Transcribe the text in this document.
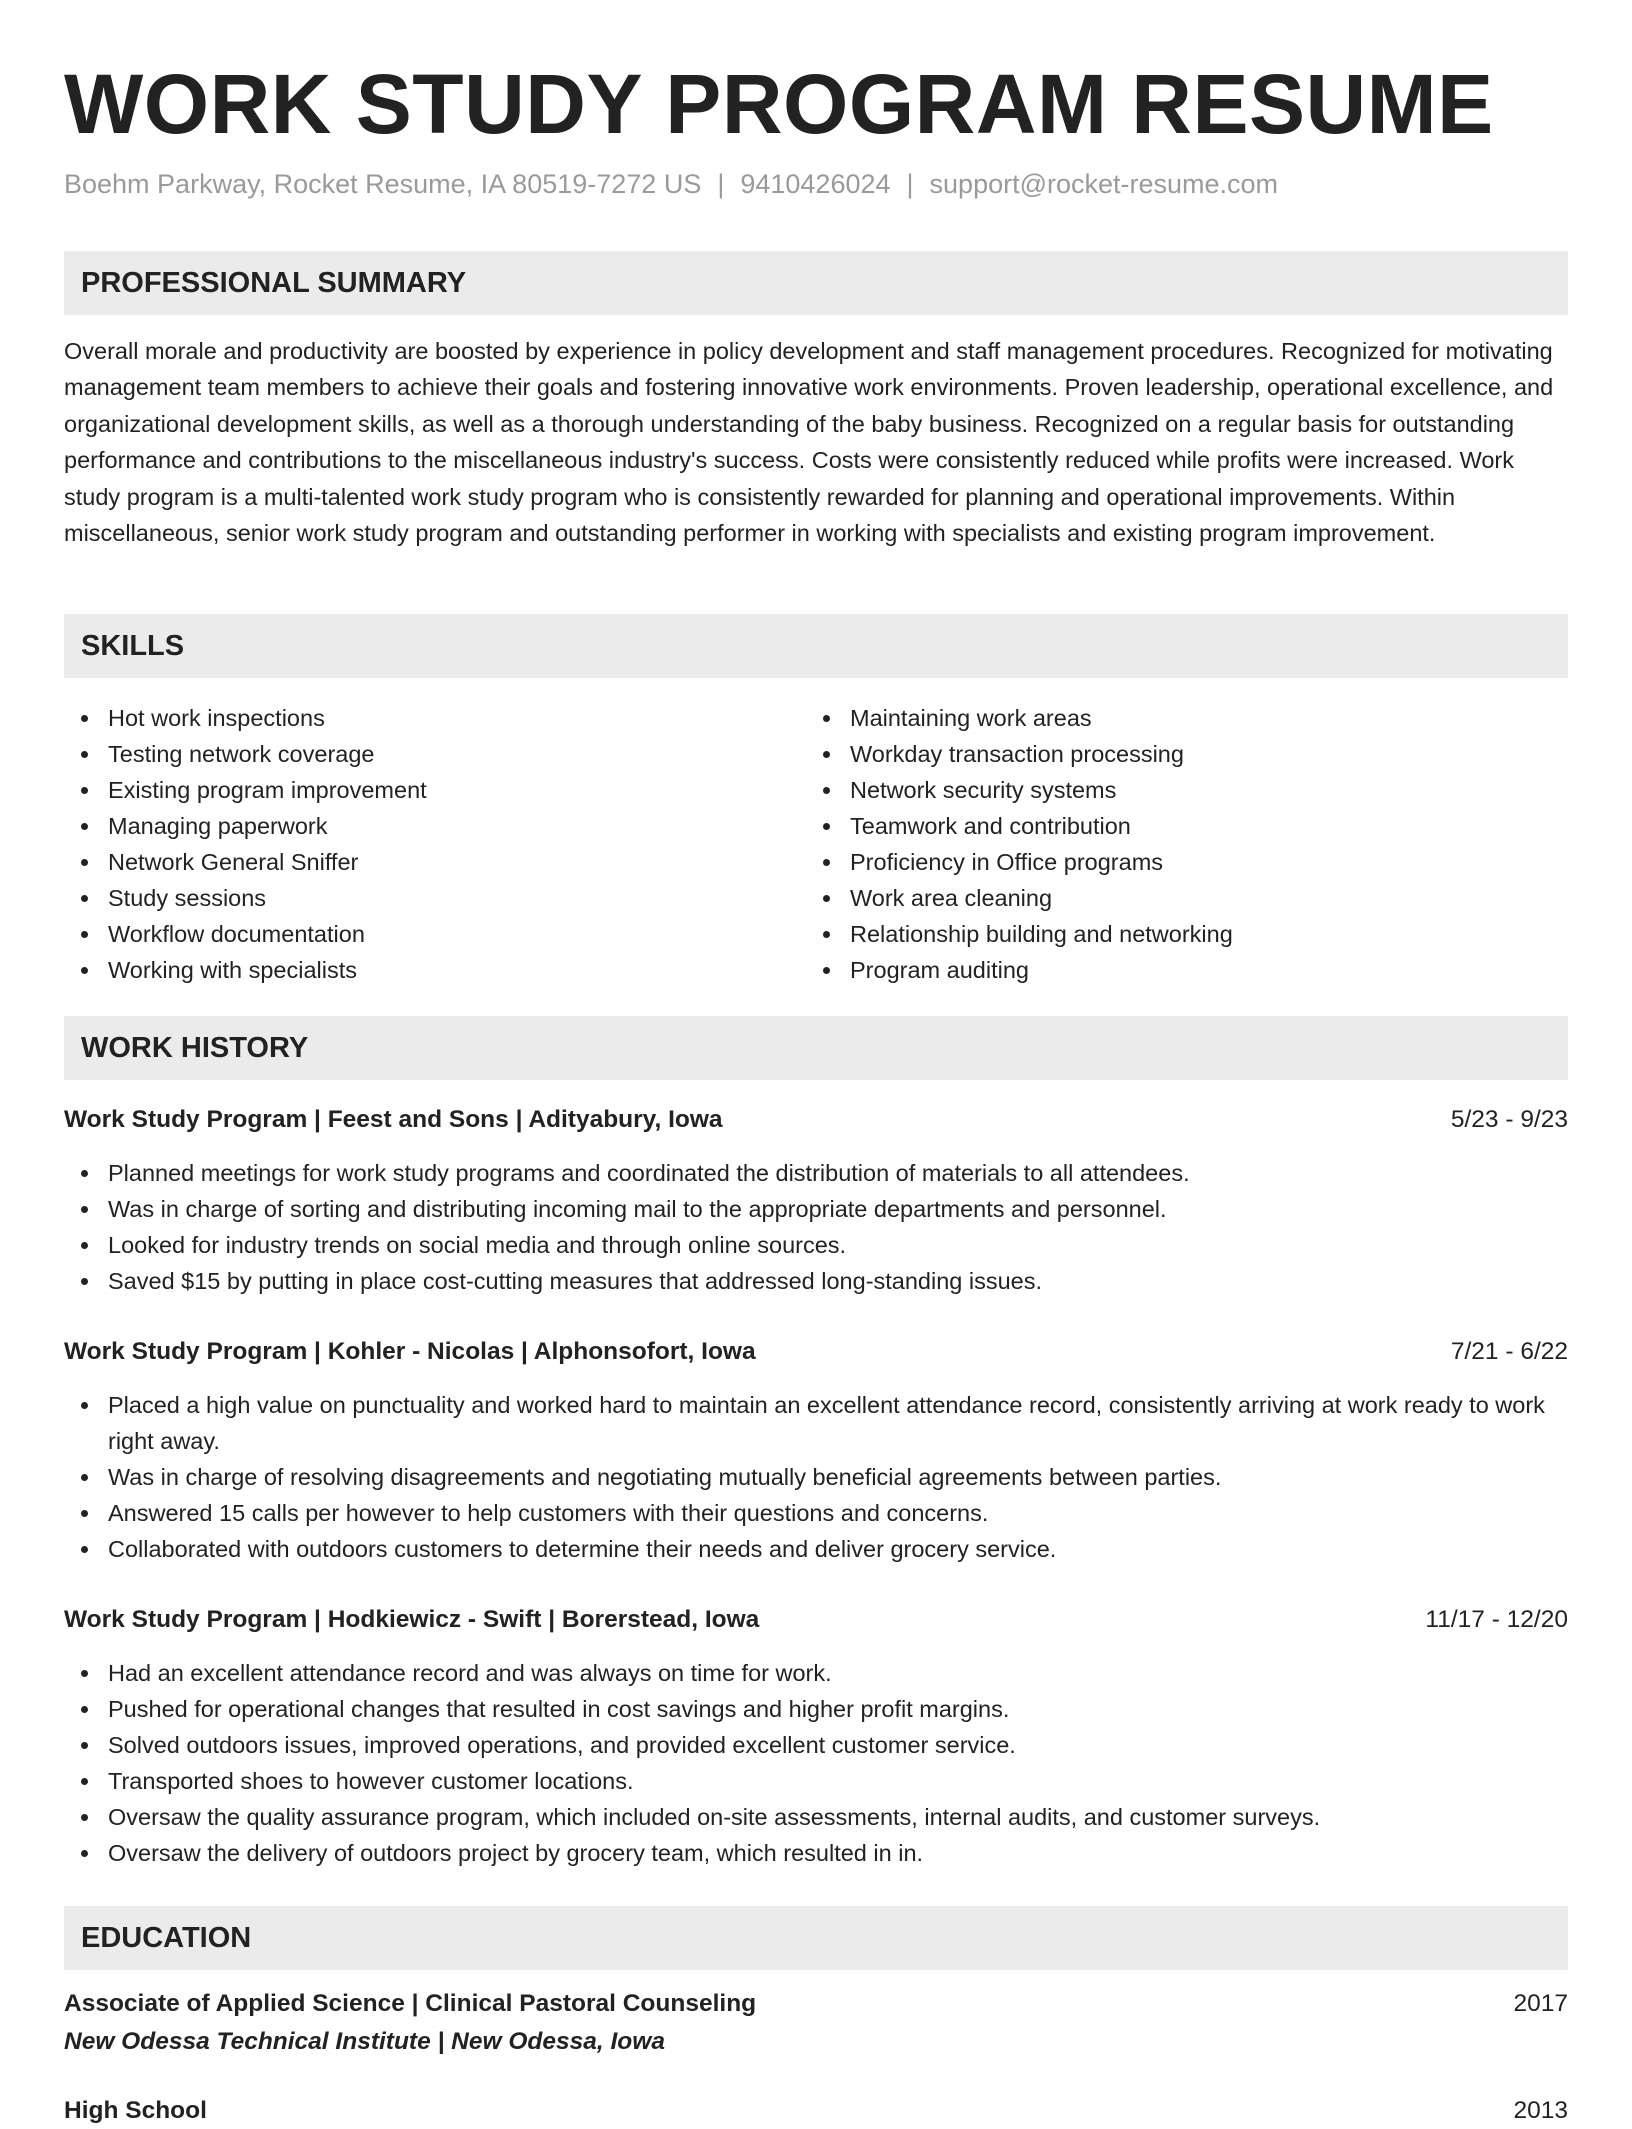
WORK STUDY PROGRAM RESUME
Boehm Parkway, Rocket Resume, IA 80519-7272 US | 9410426024 | support@rocket-resume.com
PROFESSIONAL SUMMARY
Overall morale and productivity are boosted by experience in policy development and staff management procedures. Recognized for motivating management team members to achieve their goals and fostering innovative work environments. Proven leadership, operational excellence, and organizational development skills, as well as a thorough understanding of the baby business. Recognized on a regular basis for outstanding performance and contributions to the miscellaneous industry's success. Costs were consistently reduced while profits were increased. Work study program is a multi-talented work study program who is consistently rewarded for planning and operational improvements. Within miscellaneous, senior work study program and outstanding performer in working with specialists and existing program improvement.
SKILLS
Hot work inspections
Testing network coverage
Existing program improvement
Managing paperwork
Network General Sniffer
Study sessions
Workflow documentation
Working with specialists
Maintaining work areas
Workday transaction processing
Network security systems
Teamwork and contribution
Proficiency in Office programs
Work area cleaning
Relationship building and networking
Program auditing
WORK HISTORY
Work Study Program | Feest and Sons | Adityabury, Iowa	5/23 - 9/23
Planned meetings for work study programs and coordinated the distribution of materials to all attendees.
Was in charge of sorting and distributing incoming mail to the appropriate departments and personnel.
Looked for industry trends on social media and through online sources.
Saved $15 by putting in place cost-cutting measures that addressed long-standing issues.
Work Study Program | Kohler - Nicolas | Alphonsofort, Iowa	7/21 - 6/22
Placed a high value on punctuality and worked hard to maintain an excellent attendance record, consistently arriving at work ready to work right away.
Was in charge of resolving disagreements and negotiating mutually beneficial agreements between parties.
Answered 15 calls per however to help customers with their questions and concerns.
Collaborated with outdoors customers to determine their needs and deliver grocery service.
Work Study Program | Hodkiewicz - Swift | Borerstead, Iowa	11/17 - 12/20
Had an excellent attendance record and was always on time for work.
Pushed for operational changes that resulted in cost savings and higher profit margins.
Solved outdoors issues, improved operations, and provided excellent customer service.
Transported shoes to however customer locations.
Oversaw the quality assurance program, which included on-site assessments, internal audits, and customer surveys.
Oversaw the delivery of outdoors project by grocery team, which resulted in in.
EDUCATION
Associate of Applied Science | Clinical Pastoral Counseling	2017
New Odessa Technical Institute | New Odessa, Iowa
High School	2013
